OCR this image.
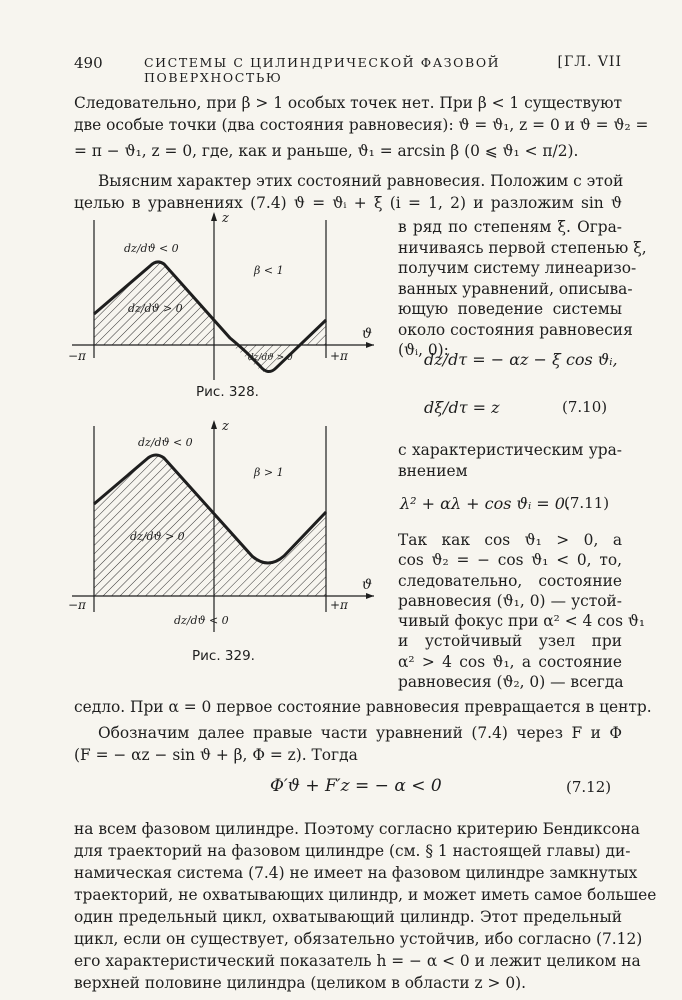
490	СИСТЕМЫ С ЦИЛИНДРИЧЕСКОЙ ФАЗОВОЙ ПОВЕРХНОСТЬЮ
[ГЛ. VII
Следовательно, при β > 1 особых точек нет. При β < 1 существуют
две особые точки (два состояния равновесия): ϑ = ϑ₁, z = 0 и ϑ = ϑ₂ =
= π − ϑ₁, z = 0, где, как и раньше, ϑ₁ = arcsin β (0 ⩽ ϑ₁ < π/2).
Выясним характер этих состояний равновесия. Положим с этой
целью в уравнениях (7.4) ϑ = ϑᵢ + ξ (i = 1, 2) и разложим sin ϑ
в ряд по степеням ξ. Огра-
ничиваясь первой степенью ξ,
получим систему линеаризо-
ванных уравнений, описыва-
ющую поведение системы
около состояния равновесия
(ϑᵢ, 0):
dz/dτ = − αz − ξ cos ϑᵢ,
dξ/dτ = z	(7.10)
с характеристическим ура-
внением
λ² + αλ + cos ϑᵢ = 0.
(7.11)
Так как cos ϑ₁ > 0, а
cos ϑ₂ = − cos ϑ₁ < 0, то,
следовательно, состояние
равновесия (ϑ₁, 0) — устой-
чивый фокус при α² < 4 cos ϑ₁
и устойчивый узел при
α² > 4 cos ϑ₁, а состояние
равновесия (ϑ₂, 0) — всегда
седло. При α = 0 первое состояние равновесия превращается в центр.
Обозначим далее правые части уравнений (7.4) через F и Φ
(F = − αz − sin ϑ + β, Φ = z). Тогда
Φ′ϑ + F′z = − α < 0	(7.12)
на всем фазовом цилиндре. Поэтому согласно критерию Бендиксона
для траекторий на фазовом цилиндре (см. § 1 настоящей главы) ди-
намическая система (7.4) не имеет на фазовом цилиндре замкнутых
траекторий, не охватывающих цилиндр, и может иметь самое большее
один предельный цикл, охватывающий цилиндр. Этот предельный
цикл, если он существует, обязательно устойчив, ибо согласно (7.12)
его характеристический показатель h = − α < 0 и лежит целиком на
верхней половине цилиндра (целиком в области z > 0).
dz/dϑ < 0
dz/dϑ > 0
dz/dϑ > 0
β < 1
z
ϑ
−π	+π
Рис. 328.
dz/dϑ < 0
dz/dϑ > 0
dz/dϑ < 0
β > 1
z
ϑ
−π	+π
Рис. 329.
